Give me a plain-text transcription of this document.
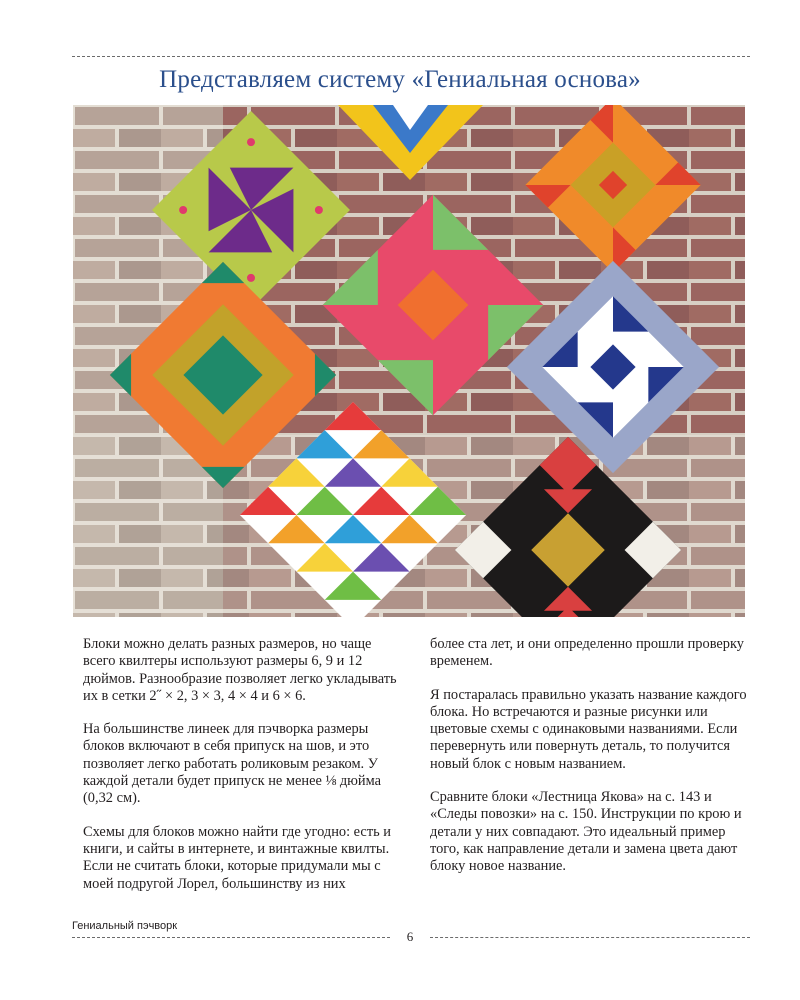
Представляем систему «Гениальная основа»

Блоки можно делать разных размеров, но чаще всего квилтеры используют размеры 6, 9 и 12 дюймов. Разнообразие позволяет легко укладывать их в сетки 2˝ × 2, 3 × 3, 4 × 4 и 6 × 6.

На большинстве линеек для пэчворка размеры блоков включают в себя припуск на шов, и это позволяет легко работать роликовым резаком. У каждой детали будет припуск не менее ⅛ дюйма (0,32 см).

Схемы для блоков можно найти где угодно: есть и книги, и сайты в интернете, и винтажные квилты. Если не считать блоки, которые придумали мы с моей подругой Лорел, большинству из них

более ста лет, и они определенно прошли проверку временем.

Я постаралась правильно указать название каждого блока. Но встречаются и разные рисунки или цветовые схемы с одинаковыми названиями. Если перевернуть или повернуть деталь, то получится новый блок с новым названием.

Сравните блоки «Лестница Якова» на с. 143 и «Следы повозки» на с. 150. Инструкции по крою и детали у них совпадают. Это идеальный пример того, как направление детали и замена цвета дают блоку новое название.

Гениальный пэчворк
6
